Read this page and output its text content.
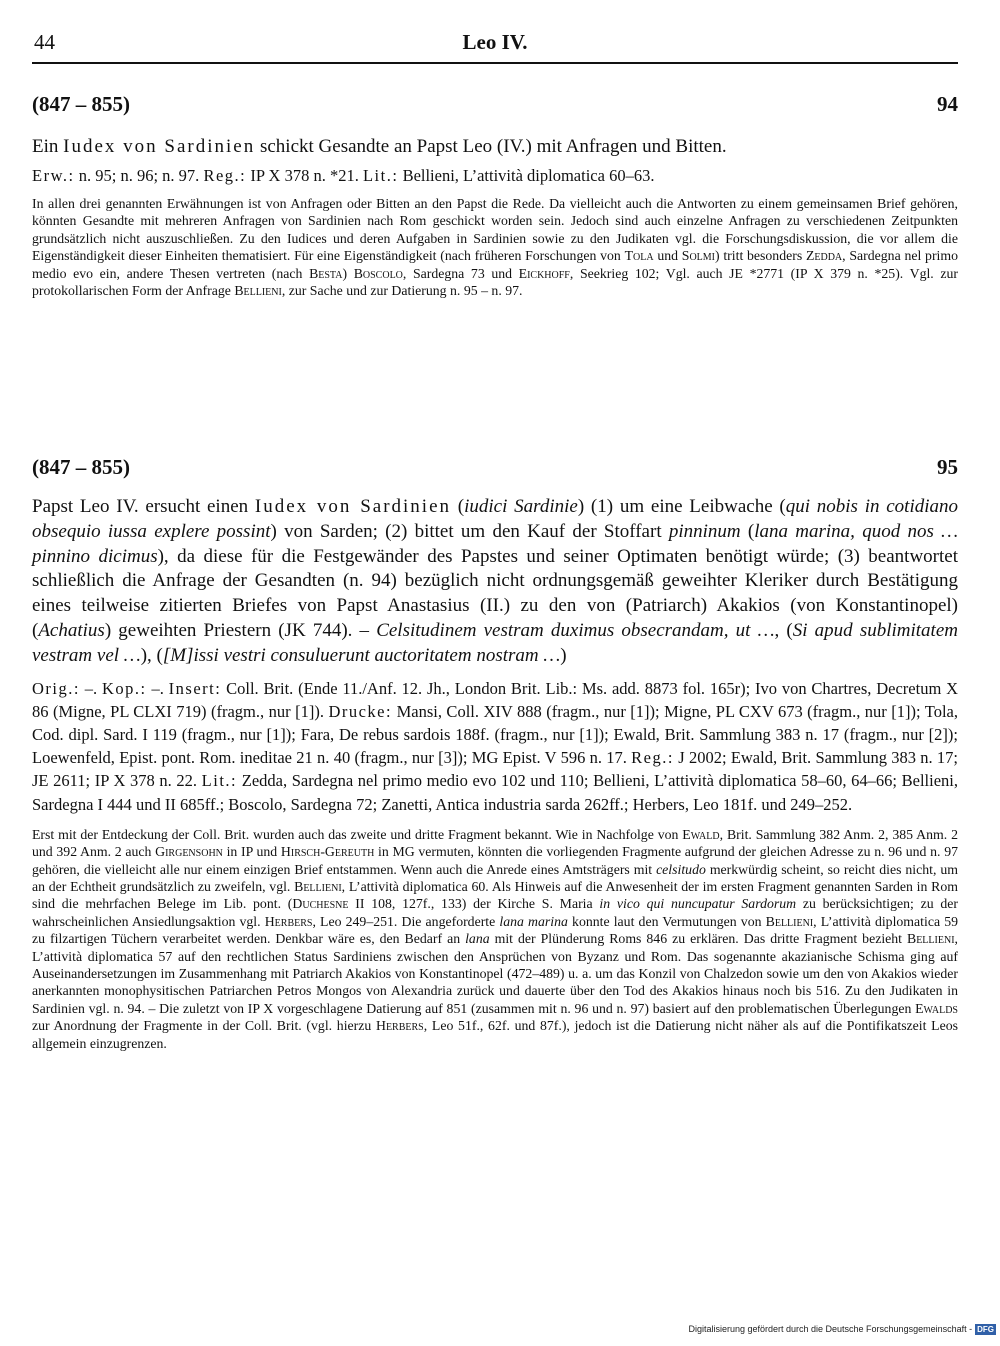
44	Leo IV.
(847 – 855)	94
Ein Iudex von Sardinien schickt Gesandte an Papst Leo (IV.) mit Anfragen und Bitten.
Erw.: n. 95; n. 96; n. 97. Reg.: IP X 378 n. *21. Lit.: Bellieni, L’attività diplomatica 60–63.
In allen drei genannten Erwähnungen ist von Anfragen oder Bitten an den Papst die Rede. Da vielleicht auch die Antworten zu einem gemeinsamen Brief gehören, könnten Gesandte mit mehreren Anfragen von Sardinien nach Rom geschickt worden sein. Jedoch sind auch einzelne Anfragen zu verschiedenen Zeitpunkten grundsätzlich nicht auszuschließen. Zu den Iudices und deren Aufgaben in Sardinien sowie zu den Judikaten vgl. die Forschungsdiskussion, die vor allem die Eigenständigkeit dieser Einheiten thematisiert. Für eine Eigenständigkeit (nach früheren Forschungen von Tola und Solmi) tritt besonders Zedda, Sardegna nel primo medio evo ein, andere Thesen vertreten (nach Besta) Boscolo, Sardegna 73 und Eickhoff, Seekrieg 102; Vgl. auch JE *2771 (IP X 379 n. *25). Vgl. zur protokollarischen Form der Anfrage Bellieni, zur Sache und zur Datierung n. 95 – n. 97.
(847 – 855)	95
Papst Leo IV. ersucht einen Iudex von Sardinien (iudici Sardinie) (1) um eine Leibwache (qui nobis in cotidiano obsequio iussa explere possint) von Sarden; (2) bittet um den Kauf der Stoffart pinninum (lana marina, quod nos … pinnino dicimus), da diese für die Festgewänder des Papstes und seiner Optimaten benötigt würde; (3) beantwortet schließlich die Anfrage der Gesandten (n. 94) bezüglich nicht ordnungsgemäß geweihter Kleriker durch Bestätigung eines teilweise zitierten Briefes von Papst Anastasius (II.) zu den von (Patriarch) Akakios (von Konstantinopel) (Achatius) geweihten Priestern (JK 744). – Celsitudinem vestram duximus obsecrandam, ut …, (Si apud sublimitatem vestram vel …), ([M]issi vestri consuluerunt auctoritatem nostram …)
Orig.: –. Kop.: –. Insert: Coll. Brit. (Ende 11./Anf. 12. Jh., London Brit. Lib.: Ms. add. 8873 fol. 165r); Ivo von Chartres, Decretum X 86 (Migne, PL CLXI 719) (fragm., nur [1]). Drucke: Mansi, Coll. XIV 888 (fragm., nur [1]); Migne, PL CXV 673 (fragm., nur [1]); Tola, Cod. dipl. Sard. I 119 (fragm., nur [1]); Fara, De rebus sardois 188f. (fragm., nur [1]); Ewald, Brit. Sammlung 383 n. 17 (fragm., nur [2]); Loewenfeld, Epist. pont. Rom. ineditae 21 n. 40 (fragm., nur [3]); MG Epist. V 596 n. 17. Reg.: J 2002; Ewald, Brit. Sammlung 383 n. 17; JE 2611; IP X 378 n. 22. Lit.: Zedda, Sardegna nel primo medio evo 102 und 110; Bellieni, L’attività diplomatica 58–60, 64–66; Bellieni, Sardegna I 444 und II 685ff.; Boscolo, Sardegna 72; Zanetti, Antica industria sarda 262ff.; Herbers, Leo 181f. und 249–252.
Erst mit der Entdeckung der Coll. Brit. wurden auch das zweite und dritte Fragment bekannt. Wie in Nachfolge von Ewald, Brit. Sammlung 382 Anm. 2, 385 Anm. 2 und 392 Anm. 2 auch Girgensohn in IP und Hirsch-Gereuth in MG vermuten, könnten die vorliegenden Fragmente aufgrund der gleichen Adresse zu n. 96 und n. 97 gehören, die vielleicht alle nur einem einzigen Brief entstammen. Wenn auch die Anrede eines Amtsträgers mit celsitudo merkwürdig scheint, so reicht dies nicht, um an der Echtheit grundsätzlich zu zweifeln, vgl. Bellieni, L’attività diplomatica 60. Als Hinweis auf die Anwesenheit der im ersten Fragment genannten Sarden in Rom sind die mehrfachen Belege im Lib. pont. (Duchesne II 108, 127f., 133) der Kirche S. Maria in vico qui nuncupatur Sardorum zu berücksichtigen; zu der wahrscheinlichen Ansiedlungsaktion vgl. Herbers, Leo 249–251. Die angeforderte lana marina konnte laut den Vermutungen von Bellieni, L’attività diplomatica 59 zu filzartigen Tüchern verarbeitet werden. Denkbar wäre es, den Bedarf an lana mit der Plünderung Roms 846 zu erklären. Das dritte Fragment bezieht Bellieni, L’attività diplomatica 57 auf den rechtlichen Status Sardiniens zwischen den Ansprüchen von Byzanz und Rom. Das sogenannte akazianische Schisma ging auf Auseinandersetzungen im Zusammenhang mit Patriarch Akakios von Konstantinopel (472–489) u. a. um das Konzil von Chalzedon sowie um den von Akakios wieder anerkannten monophysitischen Patriarchen Petros Mongos von Alexandria zurück und dauerte über den Tod des Akakios hinaus noch bis 516. Zu den Judikaten in Sardinien vgl. n. 94. – Die zuletzt von IP X vorgeschlagene Datierung auf 851 (zusammen mit n. 96 und n. 97) basiert auf den problematischen Überlegungen Ewalds zur Anordnung der Fragmente in der Coll. Brit. (vgl. hierzu Herbers, Leo 51f., 62f. und 87f.), jedoch ist die Datierung nicht näher als auf die Pontifikatszeit Leos allgemein einzugrenzen.
Digitalisierung gefördert durch die Deutsche Forschungsgemeinschaft - DFG
